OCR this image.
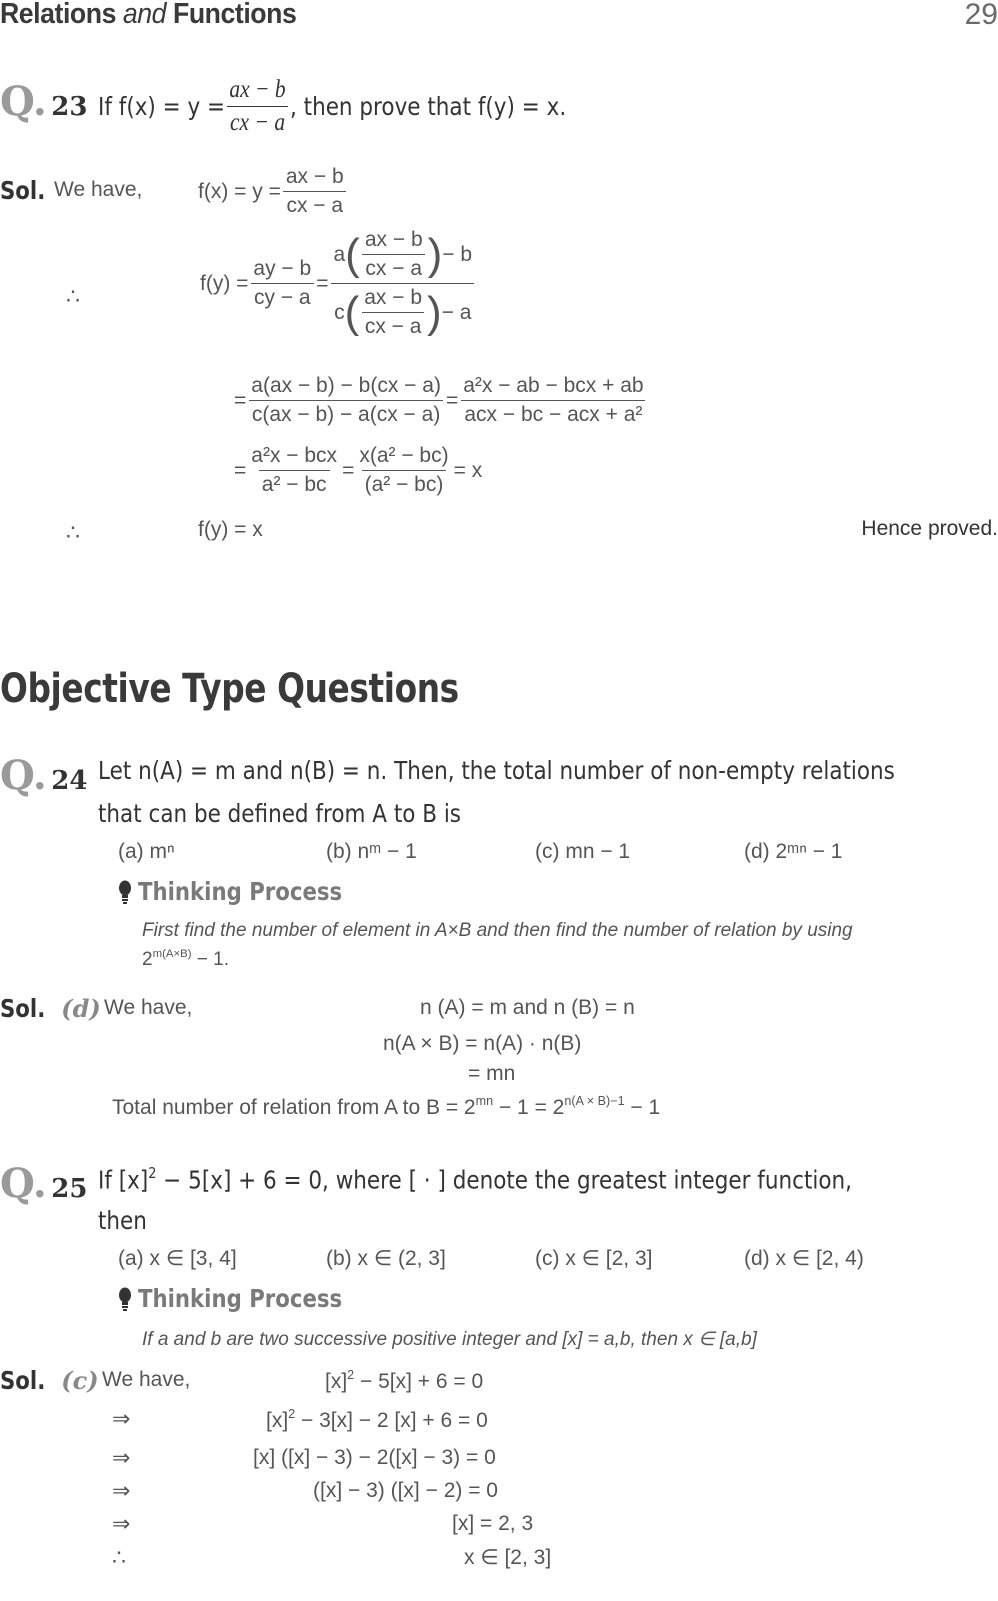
Relations and Functions	29
Q. 23 If $f(x) = y = \frac{ax - b}{cx - a}$ , then prove that f(y) = x.
Sol. We have,	$f(x) = y = \frac{ax - b}{cx - a}$
∴
$f(y) = \frac{ay - b}{cy - a}$ =
a ( $\frac{ax - b}{cx - a}$ ) − b
c ( $\frac{ax - b}{cx - a}$ ) − a
= $\frac{a(ax - b) - b(cx - a)}{c(ax - b) - a(cx - a)} = \frac{\text{a²x − ab − bcx + ab}}{\text{acx − bc − acx + a²}}$
= $\frac{\text{a²x − bcx}}{\text{a² − bc}} = \frac{\text{x(a² − bc)}}{\text{(a² − bc)}} = x$
∴	f(y) = x	Hence proved.
Objective Type Questions
Q. 24 Let n(A) = m and n(B) = n. Then, the total number of non-empty relations
that can be defined from A to B is
(a) mⁿ	(b) nᵐ − 1	(c) mn − 1	(d) 2ᵐⁿ − 1
Thinking Process
First find the number of element in A×B and then find the number of relation by using
$2^{m(A\times B)} - 1$.
Sol. (d) We have,	n (A) = m and n (B) = n
n(A × B) = n(A) · n(B)
= mn
Total number of relation from A to $B = 2^{mn} - 1 = 2^{n(A \times B)-1} - 1$
Q. 25 If $[x]^2 - 5[x] + 6 = 0$, where [ · ] denote the greatest integer function,
then
(a) x ∈ [3, 4]	(b) x ∈ (2, 3]	(c) x ∈ [2, 3]	(d) x ∈ [2, 4)
Thinking Process
If a and b are two successive positive integer and [x] = a,b, then x ∈ [a,b]
Sol. (c) We have,	$[x]^2 - 5[x] + 6 = 0$
⇒	$[x]^2 - 3[x] - 2$ [x] + 6 = 0
⇒	[x] ([x] − 3) − 2([x] − 3) = 0
⇒	([x] − 3) ([x] − 2) = 0
⇒	[x] = 2, 3
∴	x ∈ [2, 3]
